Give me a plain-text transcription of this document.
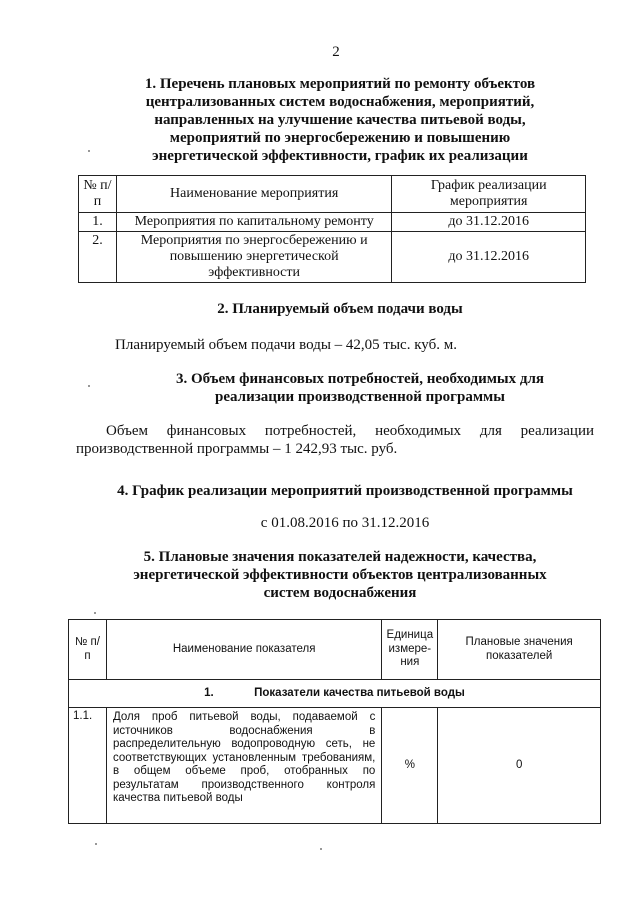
2
1. Перечень плановых мероприятий по ремонту объектов
централизованных систем водоснабжения, мероприятий,
направленных на улучшение качества питьевой воды,
мероприятий по энергосбережению и повышению
энергетической эффективности, график их реализации
№ п/п	Наименование мероприятия	График реализации мероприятия
1.	Мероприятия по капитальному ремонту	до 31.12.2016
2.	Мероприятия по энергосбережению и повышению энергетической эффективности	до 31.12.2016
2. Планируемый объем подачи воды
Планируемый объем подачи воды – 42,05 тыс. куб. м.
3. Объем финансовых потребностей, необходимых для
реализации производственной программы
Объем финансовых потребностей, необходимых для реализации производственной программы – 1 242,93 тыс. руб.
4. График реализации мероприятий производственной программы
с 01.08.2016 по 31.12.2016
5. Плановые значения показателей надежности, качества,
энергетической эффективности объектов централизованных
систем водоснабжения
№ п/п	Наименование показателя	Единица измере-ния	Плановые значения показателей
1. Показатели качества питьевой воды			
1.1.	Доля проб питьевой воды, подаваемой с источников водоснабжения в распределительную водопроводную сеть, не соответствующих установленным требованиям, в общем объеме проб, отобранных по результатам производственного контроля качества питьевой воды	%	0
